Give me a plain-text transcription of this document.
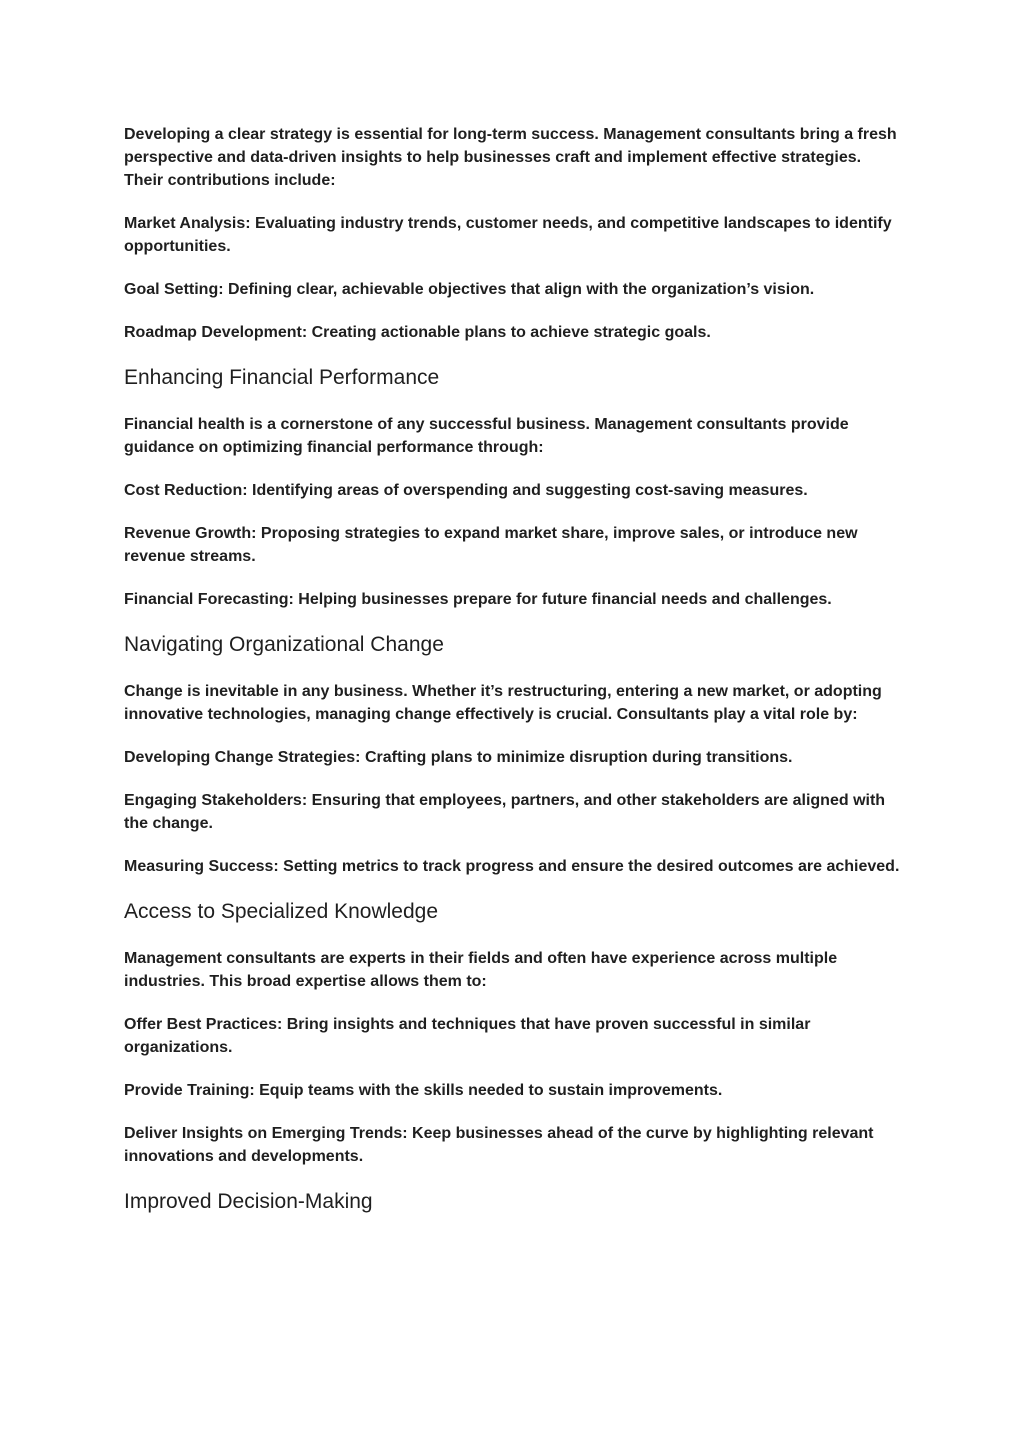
Developing a clear strategy is essential for long-term success. Management consultants bring a fresh perspective and data-driven insights to help businesses craft and implement effective strategies. Their contributions include:

Market Analysis: Evaluating industry trends, customer needs, and competitive landscapes to identify opportunities.

Goal Setting: Defining clear, achievable objectives that align with the organization’s vision.

Roadmap Development: Creating actionable plans to achieve strategic goals.

Enhancing Financial Performance

Financial health is a cornerstone of any successful business. Management consultants provide guidance on optimizing financial performance through:

Cost Reduction: Identifying areas of overspending and suggesting cost-saving measures.

Revenue Growth: Proposing strategies to expand market share, improve sales, or introduce new revenue streams.

Financial Forecasting: Helping businesses prepare for future financial needs and challenges.

Navigating Organizational Change

Change is inevitable in any business. Whether it’s restructuring, entering a new market, or adopting innovative technologies, managing change effectively is crucial. Consultants play a vital role by:

Developing Change Strategies: Crafting plans to minimize disruption during transitions.

Engaging Stakeholders: Ensuring that employees, partners, and other stakeholders are aligned with the change.

Measuring Success: Setting metrics to track progress and ensure the desired outcomes are achieved.

Access to Specialized Knowledge

Management consultants are experts in their fields and often have experience across multiple industries. This broad expertise allows them to:

Offer Best Practices: Bring insights and techniques that have proven successful in similar organizations.

Provide Training: Equip teams with the skills needed to sustain improvements.

Deliver Insights on Emerging Trends: Keep businesses ahead of the curve by highlighting relevant innovations and developments.

Improved Decision-Making
